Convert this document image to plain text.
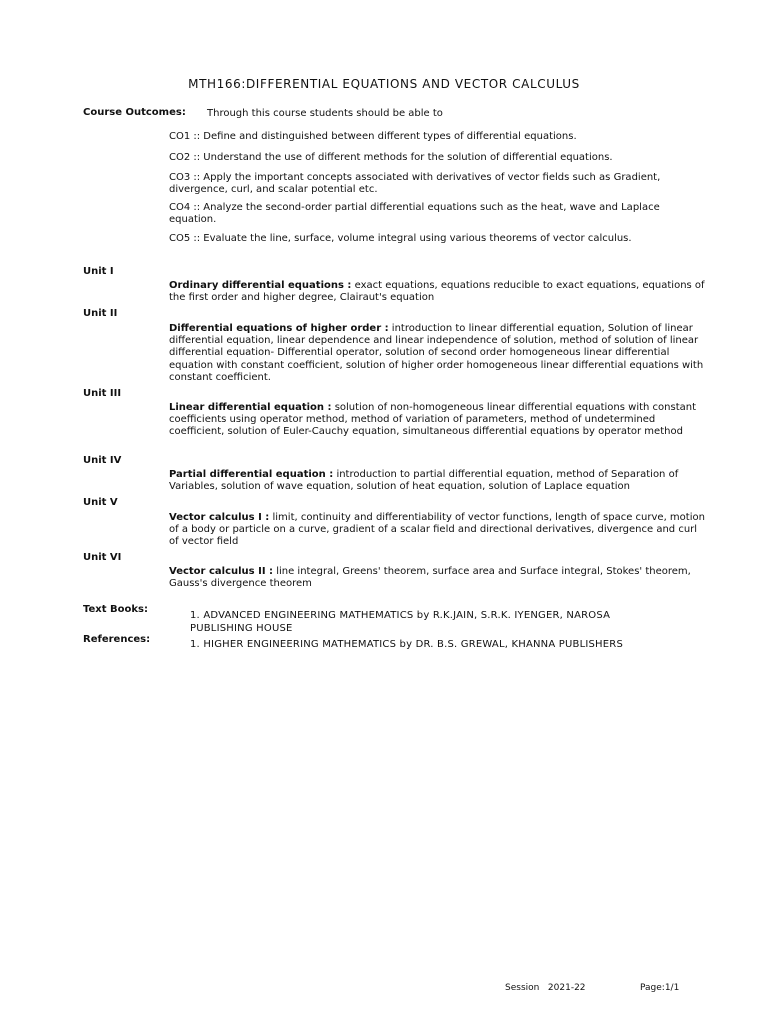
MTH166:DIFFERENTIAL EQUATIONS AND VECTOR CALCULUS
Course Outcomes: Through this course students should be able to
CO1 :: Define and distinguished between different types of differential equations.
CO2 :: Understand the use of different methods for the solution of differential equations.
CO3 :: Apply the important concepts associated with derivatives of vector fields such as Gradient, divergence, curl, and scalar potential etc.
CO4 :: Analyze the second-order partial differential equations such as the heat, wave and Laplace equation.
CO5 :: Evaluate the line, surface, volume integral using various theorems of vector calculus.
Unit I
Ordinary differential equations : exact equations, equations reducible to exact equations, equations of the first order and higher degree, Clairaut's equation
Unit II
Differential equations of higher order : introduction to linear differential equation, Solution of linear differential equation, linear dependence and linear independence of solution, method of solution of linear differential equation- Differential operator, solution of second order homogeneous linear differential equation with constant coefficient, solution of higher order homogeneous linear differential equations with constant coefficient.
Unit III
Linear differential equation : solution of non-homogeneous linear differential equations with constant coefficients using operator method, method of variation of parameters, method of undetermined coefficient, solution of Euler-Cauchy equation, simultaneous differential equations by operator method
Unit IV
Partial differential equation : introduction to partial differential equation, method of Separation of Variables, solution of wave equation, solution of heat equation, solution of Laplace equation
Unit V
Vector calculus I : limit, continuity and differentiability of vector functions, length of space curve, motion of a body or particle on a curve, gradient of a scalar field and directional derivatives, divergence and curl of vector field
Unit VI
Vector calculus II : line integral, Greens' theorem, surface area and Surface integral, Stokes' theorem, Gauss's divergence theorem
Text Books:
1. ADVANCED ENGINEERING MATHEMATICS by R.K.JAIN, S.R.K. IYENGER, NAROSA PUBLISHING HOUSE
References:	1. HIGHER ENGINEERING MATHEMATICS by DR. B.S. GREWAL, KHANNA PUBLISHERS
Session   2021-22	Page:1/1
